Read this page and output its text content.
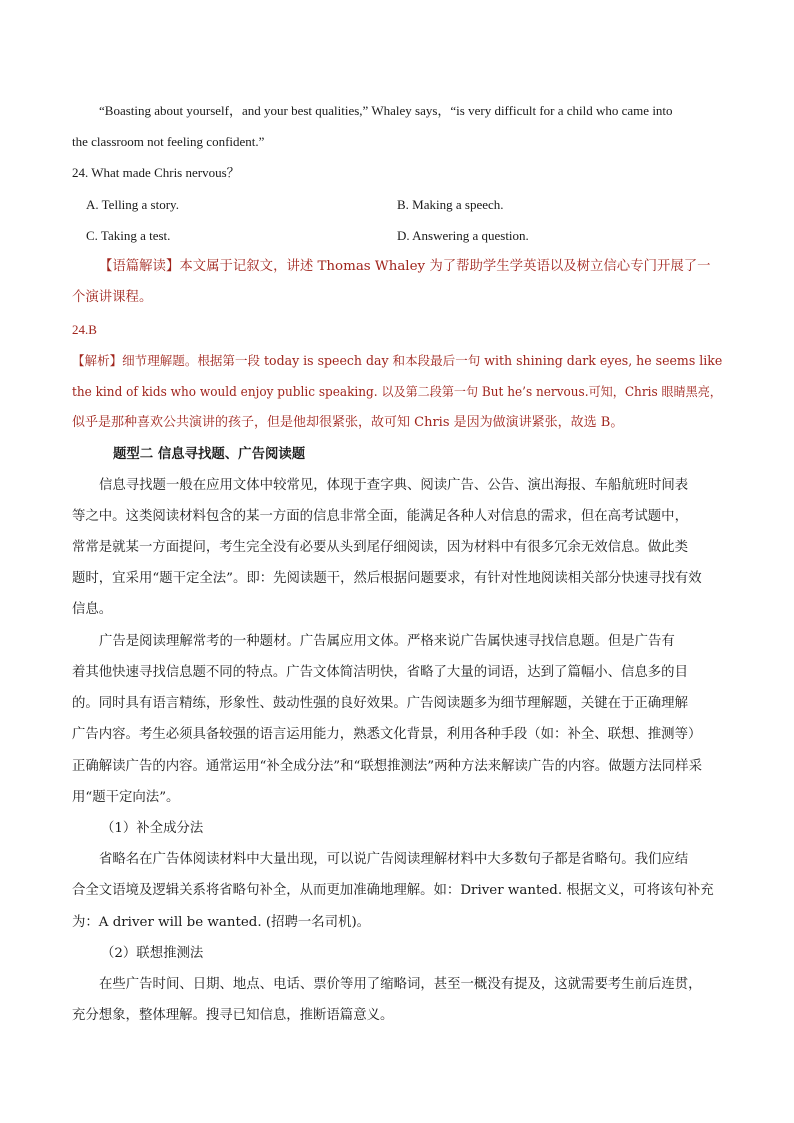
“Boasting about yourself，and your best qualities,” Whaley says，“is very difficult for a child who came into
the classroom not feeling confident.”
24. What made Chris nervous？
A. Telling a story.	B. Making a speech.
C. Taking a test.	D. Answering a question.
【语篇解读】本文属于记叙文，讲述 Thomas Whaley 为了帮助学生学英语以及树立信心专门开展了一
个演讲课程。
24.B
【解析】细节理解题。根据第一段 today is speech day 和本段最后一句 with shining dark eyes, he seems like
the kind of kids who would enjoy public speaking. 以及第二段第一句 But he’s nervous.可知，Chris 眼睛黑亮，
似乎是那种喜欢公共演讲的孩子，但是他却很紧张，故可知 Chris 是因为做演讲紧张，故选 B。
题型二 信息寻找题、广告阅读题
信息寻找题一般在应用文体中较常见，体现于查字典、阅读广告、公告、演出海报、车船航班时间表
等之中。这类阅读材料包含的某一方面的信息非常全面，能满足各种人对信息的需求，但在高考试题中，
常常是就某一方面提问，考生完全没有必要从头到尾仔细阅读，因为材料中有很多冗余无效信息。做此类
题时，宜采用“题干定全法”。即：先阅读题干，然后根据问题要求，有针对性地阅读相关部分快速寻找有效
信息。
广告是阅读理解常考的一种题材。广告属应用文体。严格来说广告属快速寻找信息题。但是广告有
着其他快速寻找信息题不同的特点。广告文体简洁明快，省略了大量的词语，达到了篇幅小、信息多的目
的。同时具有语言精练，形象性、鼓动性强的良好效果。广告阅读题多为细节理解题，关键在于正确理解
广告内容。考生必须具备较强的语言运用能力，熟悉文化背景，利用各种手段（如：补全、联想、推测等）
正确解读广告的内容。通常运用“补全成分法”和“联想推测法”两种方法来解读广告的内容。做题方法同样采
用“题干定向法”。
（1）补全成分法
省略名在广告体阅读材料中大量出现，可以说广告阅读理解材料中大多数句子都是省略句。我们应结
合全文语境及逻辑关系将省略句补全，从而更加准确地理解。如：Driver wanted. 根据文义，可将该句补充
为：A driver will be wanted. (招聘一名司机)。
（2）联想推测法
在些广告时间、日期、地点、电话、票价等用了缩略词，甚至一概没有提及，这就需要考生前后连贯，
充分想象，整体理解。搜寻已知信息，推断语篇意义。
